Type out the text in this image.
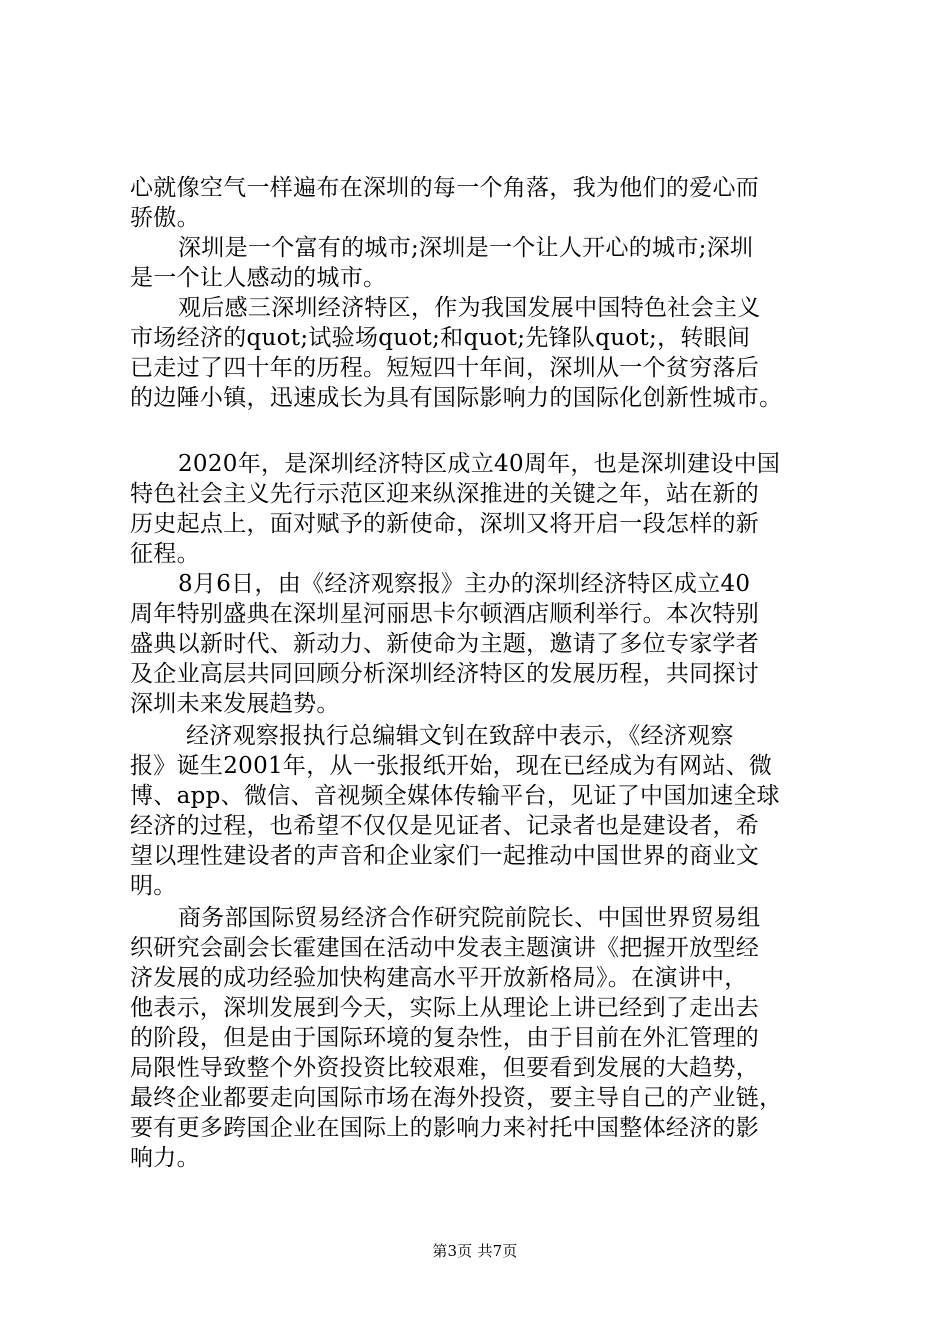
心就像空气一样遍布在深圳的每一个角落，我为他们的爱心而
骄傲。
深圳是一个富有的城市;深圳是一个让人开心的城市;深圳
是一个让人感动的城市。
观后感三深圳经济特区，作为我国发展中国特色社会主义
市场经济的quot;试验场quot;和quot;先锋队quot;，转眼间
已走过了四十年的历程。短短四十年间，深圳从一个贫穷落后
的边陲小镇，迅速成长为具有国际影响力的国际化创新性城市。
2020年，是深圳经济特区成立40周年，也是深圳建设中国
特色社会主义先行示范区迎来纵深推进的关键之年，站在新的
历史起点上，面对赋予的新使命，深圳又将开启一段怎样的新
征程。
8月6日，由《经济观察报》主办的深圳经济特区成立40
周年特别盛典在深圳星河丽思卡尔顿酒店顺利举行。本次特别
盛典以新时代、新动力、新使命为主题，邀请了多位专家学者
及企业高层共同回顾分析深圳经济特区的发展历程，共同探讨
深圳未来发展趋势。
经济观察报执行总编辑文钊在致辞中表示，《经济观察
报》诞生2001年，从一张报纸开始，现在已经成为有网站、微
博、app、微信、音视频全媒体传输平台，见证了中国加速全球
经济的过程，也希望不仅仅是见证者、记录者也是建设者，希
望以理性建设者的声音和企业家们一起推动中国世界的商业文
明。
商务部国际贸易经济合作研究院前院长、中国世界贸易组
织研究会副会长霍建国在活动中发表主题演讲《把握开放型经
济发展的成功经验加快构建高水平开放新格局》。在演讲中，
他表示，深圳发展到今天，实际上从理论上讲已经到了走出去
的阶段，但是由于国际环境的复杂性，由于目前在外汇管理的
局限性导致整个外资投资比较艰难，但要看到发展的大趋势，
最终企业都要走向国际市场在海外投资，要主导自己的产业链，
要有更多跨国企业在国际上的影响力来衬托中国整体经济的影
响力。
第3页 共7页
